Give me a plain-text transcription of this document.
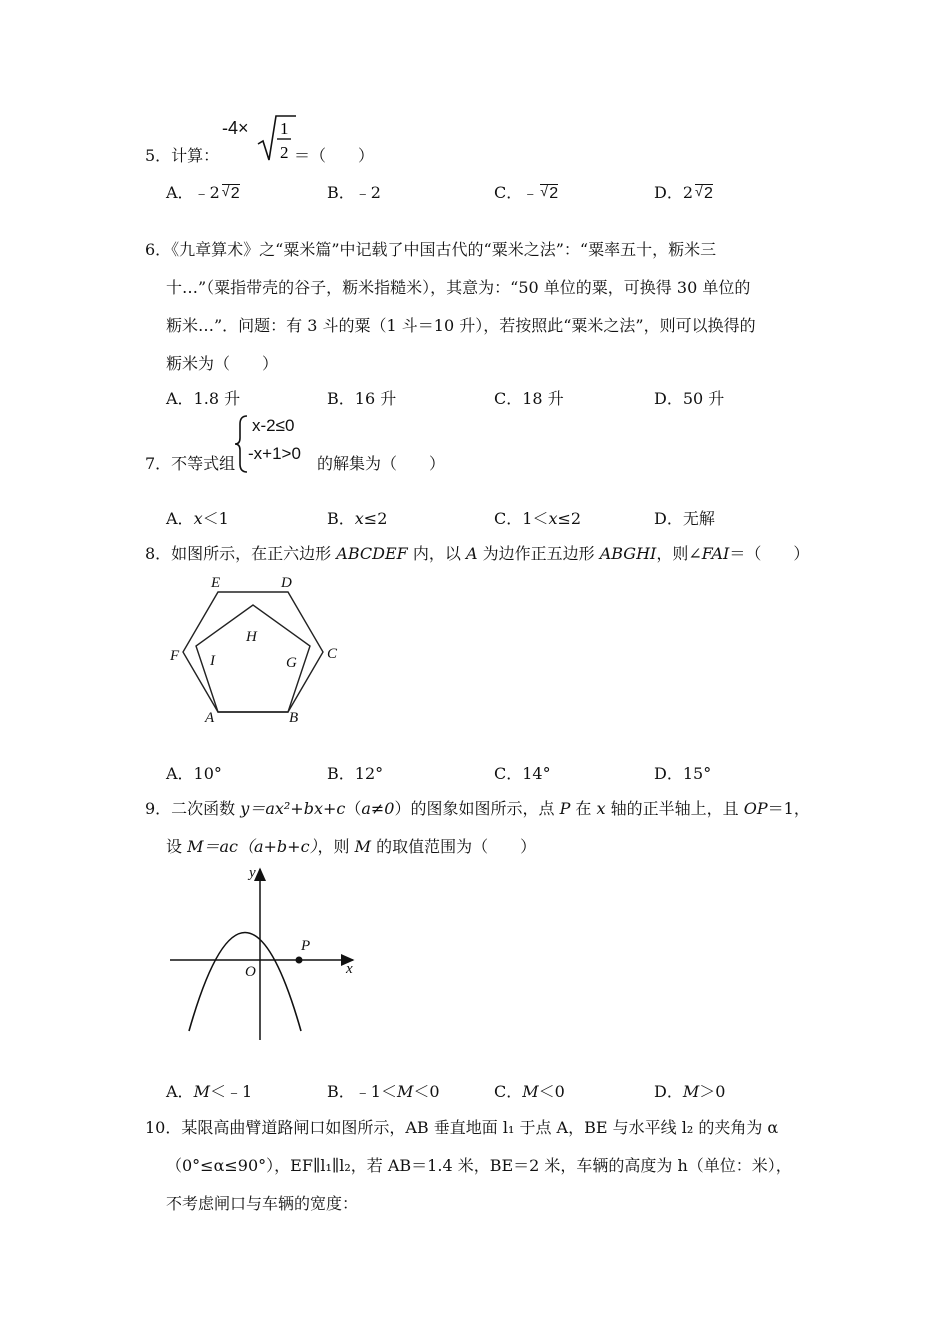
5．计算：
-4× 1
2 ＝（　　）
A．﹣2 √ 2	B．﹣2	C．﹣ √ 2	D．2 √ 2
6．《九章算术》之“粟米篇”中记载了中国古代的“粟米之法”：“粟率五十，粝米三
十…”（粟指带壳的谷子，粝米指糙米），其意为：“50 单位的粟，可换得 30 单位的
粝米…”．问题：有 3 斗的粟（1 斗＝10 升），若按照此“粟米之法”，则可以换得的
粝米为（　　）
A．1.8 升	B．16 升	C．18 升	D．50 升
7．不等式组
x-2≤0
-x+1>0
的解集为（　　）
A．x＜1	B．x≤2	C．1＜x≤2	D．无解
8．如图所示，在正六边形 ABCDEF 内，以 A 为边作正五边形 ABGHI，则∠FAI＝（　　）
E	D
H
F I	G
C
A	B
A．10°	B．12°	C．14°	D．15°
9．二次函数 y＝ax²+bx+c（a≠0）的图象如图所示，点 P 在 x 轴的正半轴上，且 OP＝1，
设 M＝ac（a+b+c），则 M 的取值范围为（　　）
y
x
O
P
A．M＜﹣1	B．﹣1＜M＜0	C．M＜0	D．M＞0
10．某限高曲臂道路闸口如图所示，AB 垂直地面 l₁ 于点 A，BE 与水平线 l₂ 的夹角为 α
（0°≤α≤90°），EF∥l₁∥l₂，若 AB＝1.4 米，BE＝2 米，车辆的高度为 h（单位：米），
不考虑闸口与车辆的宽度：
